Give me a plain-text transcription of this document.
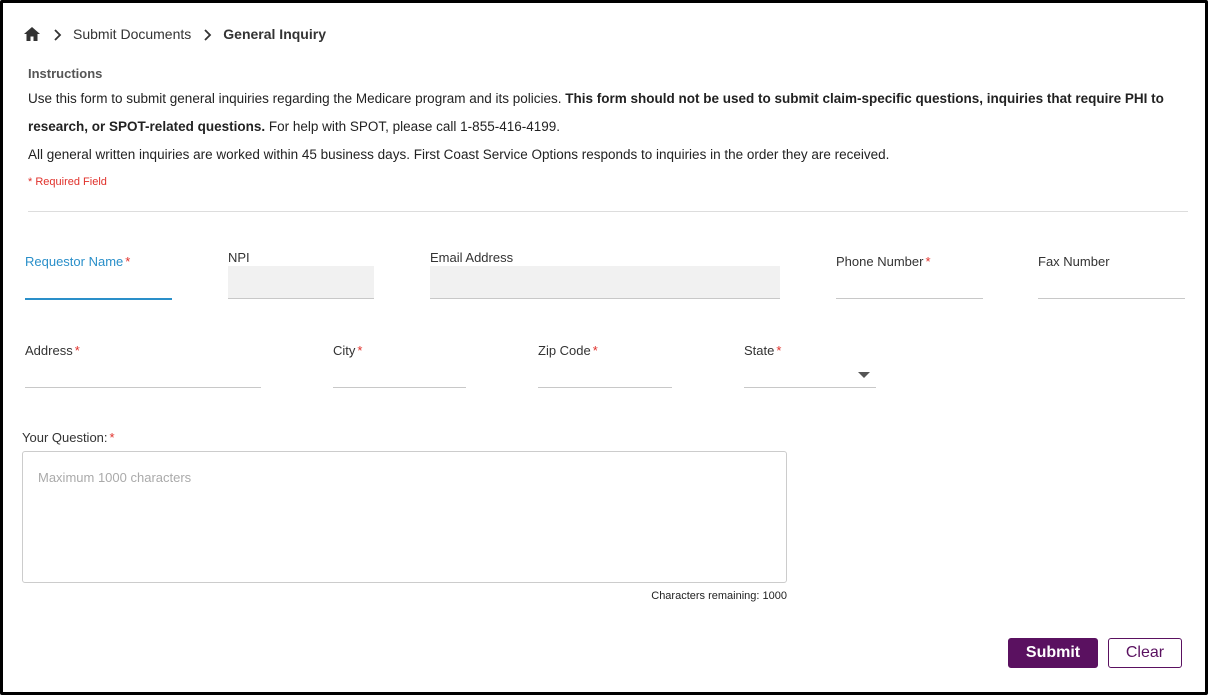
Submit Documents General Inquiry
Instructions
Use this form to submit general inquiries regarding the Medicare program and its policies. This form should not be used to submit claim-specific questions, inquiries that require PHI to
research, or SPOT-related questions. For help with SPOT, please call 1-855-416-4199.
All general written inquiries are worked within 45 business days. First Coast Service Options responds to inquiries in the order they are received.
* Required Field
Requestor Name *	NPI	Email Address	Phone Number *	Fax Number
Address *	City *	Zip Code *	State *
Your Question: *
Maximum 1000 characters
Characters remaining: 1000
Submit	Clear
